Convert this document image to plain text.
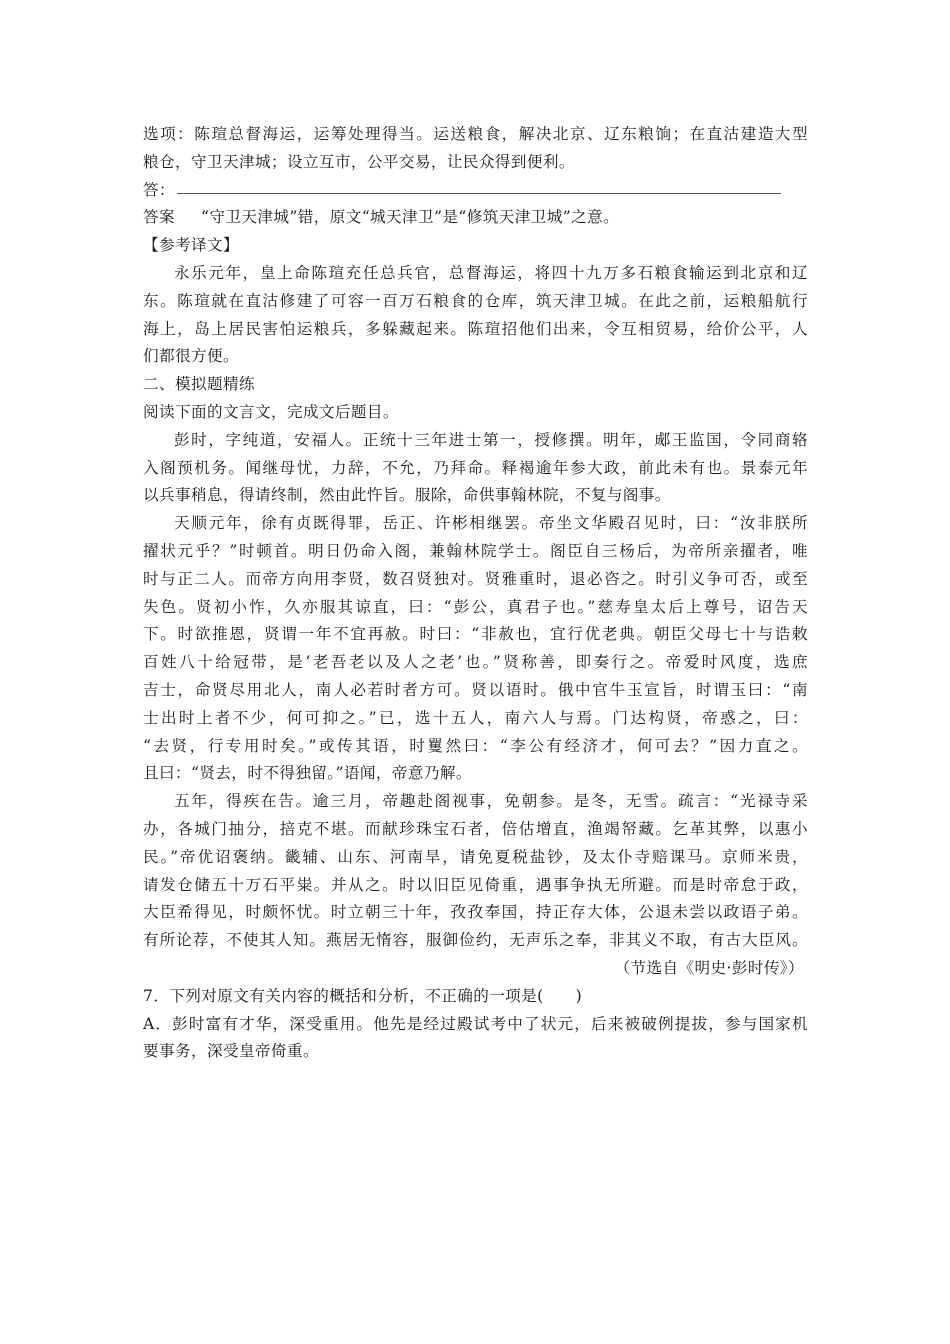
选项：陈瑄总督海运，运筹处理得当。运送粮食，解决北京、辽东粮饷；在直沽建造大型
粮仓，守卫天津城；设立互市，公平交易，让民众得到便利。
答：
答案 “守卫天津城”错，原文“城天津卫”是“修筑天津卫城”之意。
【参考译文】
永乐元年，皇上命陈瑄充任总兵官，总督海运，将四十九万多石粮食输运到北京和辽
东。陈瑄就在直沽修建了可容一百万石粮食的仓库，筑天津卫城。在此之前，运粮船航行
海上，岛上居民害怕运粮兵，多躲藏起来。陈瑄招他们出来，令互相贸易，给价公平，人
们都很方便。
二、模拟题精练
阅读下面的文言文，完成文后题目。
彭时，字纯道，安福人。正统十三年进士第一，授修撰。明年，郕王监国，令同商辂
入阁预机务。闻继母忧，力辞，不允，乃拜命。释褐逾年参大政，前此未有也。景泰元年
以兵事稍息，得请终制，然由此忤旨。服除，命供事翰林院，不复与阁事。
天顺元年，徐有贞既得罪，岳正、许彬相继罢。帝坐文华殿召见时，曰：“汝非朕所
擢状元乎？”时顿首。明日仍命入阁，兼翰林院学士。阁臣自三杨后，为帝所亲擢者，唯
时与正二人。而帝方向用李贤，数召贤独对。贤雅重时，退必咨之。时引义争可否，或至
失色。贤初小怍，久亦服其谅直，曰：“彭公，真君子也。”慈寿皇太后上尊号，诏告天
下。时欲推恩，贤谓一年不宜再赦。时曰：“非赦也，宜行优老典。朝臣父母七十与诰敕
百姓八十给冠带，是‘老吾老以及人之老’也。”贤称善，即奏行之。帝爱时风度，选庶
吉士，命贤尽用北人，南人必若时者方可。贤以语时。俄中官牛玉宣旨，时谓玉曰：“南
士出时上者不少，何可抑之。”已，选十五人，南六人与焉。门达构贤，帝惑之，曰：
“去贤，行专用时矣。”或传其语，时矍然曰：“李公有经济才，何可去？”因力直之。
且曰：“贤去，时不得独留。”语闻，帝意乃解。
五年，得疾在告。逾三月，帝趣赴阁视事，免朝参。是冬，无雪。疏言：“光禄寺采
办，各城门抽分，掊克不堪。而献珍珠宝石者，倍估增直，渔竭帑藏。乞革其弊，以惠小
民。”帝优诏褒纳。畿辅、山东、河南旱，请免夏税盐钞，及太仆寺赔课马。京师米贵，
请发仓储五十万石平粜。并从之。时以旧臣见倚重，遇事争执无所避。而是时帝怠于政，
大臣希得见，时颇怀忧。时立朝三十年，孜孜奉国，持正存大体，公退未尝以政语子弟。
有所论荐，不使其人知。燕居无惰容，服御俭约，无声乐之奉，非其义不取，有古大臣风。
（节选自《明史·彭时传》）
7．下列对原文有关内容的概括和分析，不正确的一项是(　　)
A．彭时富有才华，深受重用。他先是经过殿试考中了状元，后来被破例提拔，参与国家机
要事务，深受皇帝倚重。
